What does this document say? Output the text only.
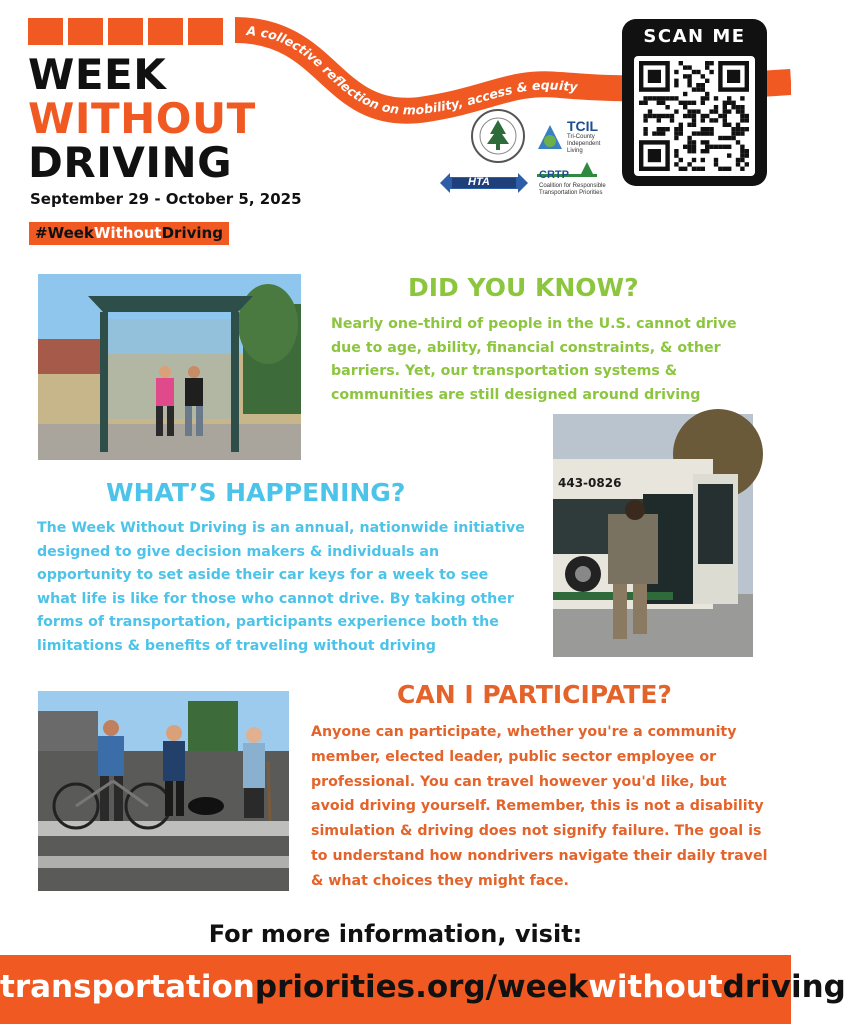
A collective reflection on mobility, access & equity
WEEK
WITHOUT
DRIVING
September 29 - October 5, 2025
#WeekWithoutDriving
SCAN ME
TCIL
Tri-County
Independent
Living
HTA
CRTP
Coalition for Responsible
Transportation Priorities
DID YOU KNOW?
Nearly one-third of people in the U.S. cannot drive due to age, ability, financial constraints, & other barriers. Yet, our transportation systems & communities are still designed around driving
443-0826
WHAT’S HAPPENING?
The Week Without Driving is an annual, nationwide initiative designed to give decision makers & individuals an opportunity to set aside their car keys for a week to see what life is like for those who cannot drive. By taking other forms of transportation, participants experience both the limitations & benefits of traveling without driving
CAN I PARTICIPATE?
Anyone can participate, whether you're a community member, elected leader, public sector employee or professional. You can travel however you'd like, but avoid driving yourself. Remember, this is not a disability simulation & driving does not signify failure. The goal is to understand how nondrivers navigate their daily travel & what choices they might face.
For more information, visit:
transportationpriorities.org/weekwithoutdriving
